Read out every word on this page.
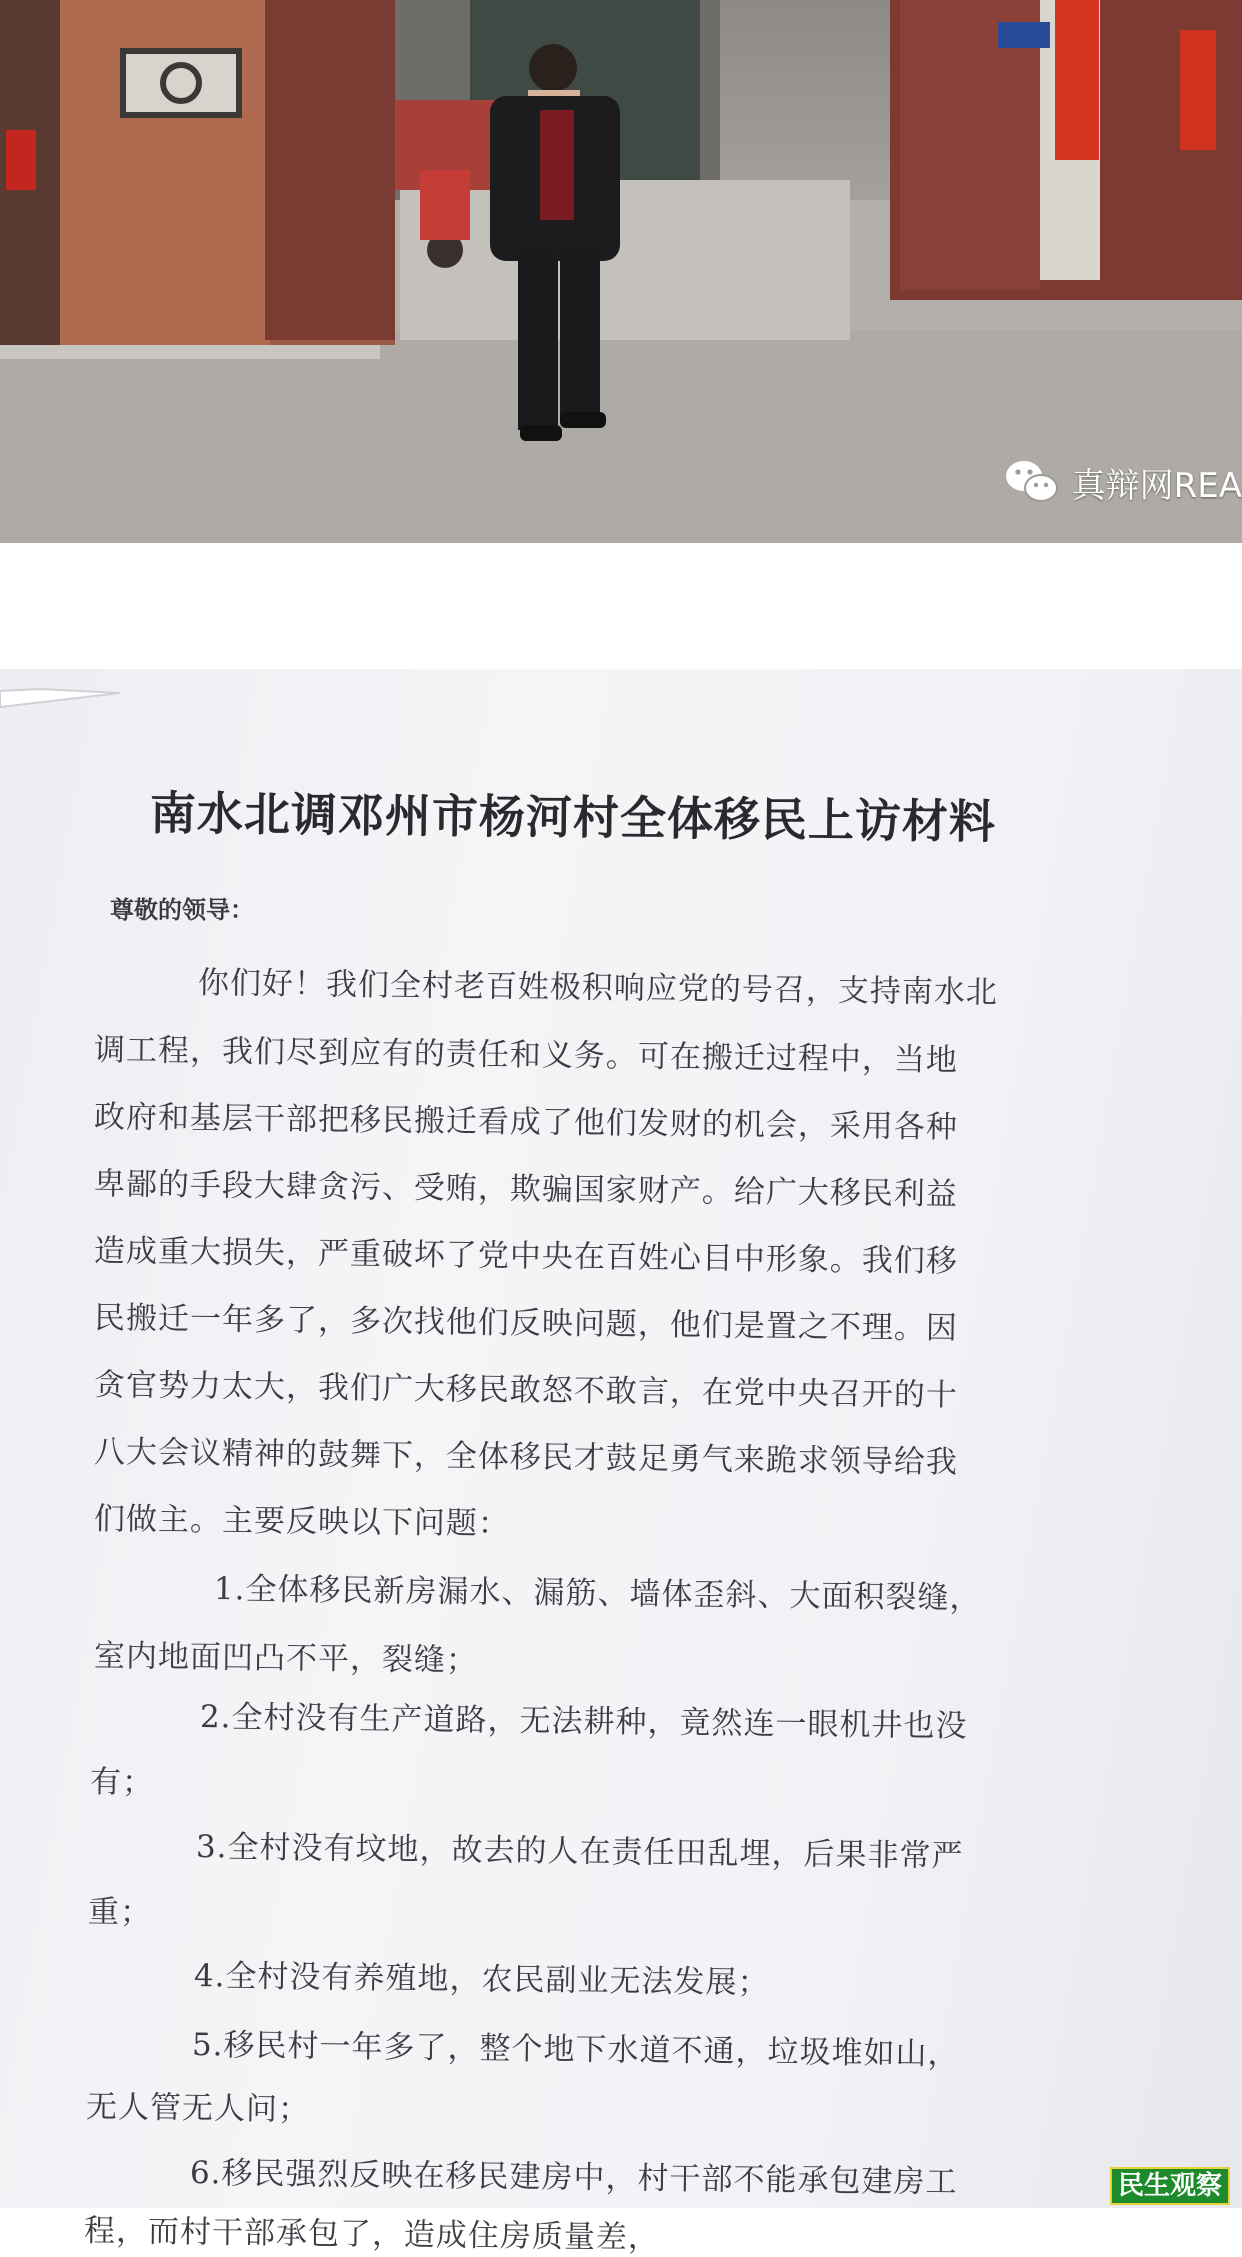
真辩网REA
南水北调邓州市杨河村全体移民上访材料
尊敬的领导：
你们好！我们全村老百姓极积响应党的号召，支持南水北
调工程，我们尽到应有的责任和义务。可在搬迁过程中，当地
政府和基层干部把移民搬迁看成了他们发财的机会，采用各种
卑鄙的手段大肆贪污、受贿，欺骗国家财产。给广大移民利益
造成重大损失，严重破坏了党中央在百姓心目中形象。我们移
民搬迁一年多了，多次找他们反映问题，他们是置之不理。因
贪官势力太大，我们广大移民敢怒不敢言，在党中央召开的十
八大会议精神的鼓舞下，全体移民才鼓足勇气来跪求领导给我
们做主。主要反映以下问题：
1.全体移民新房漏水、漏筋、墙体歪斜、大面积裂缝，
室内地面凹凸不平，裂缝；
2.全村没有生产道路，无法耕种，竟然连一眼机井也没
有；
3.全村没有坟地，故去的人在责任田乱埋，后果非常严
重；
4.全村没有养殖地，农民副业无法发展；
5.移民村一年多了，整个地下水道不通，垃圾堆如山，
无人管无人问；
6.移民强烈反映在移民建房中，村干部不能承包建房工
程，而村干部承包了，造成住房质量差，
民生观察
